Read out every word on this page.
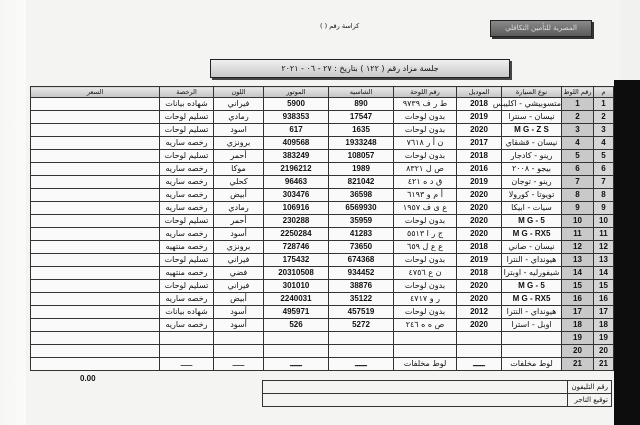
المصرية للتأمين التكافلي
كراسة رقم ( )
جلسة مزاد رقم ( ١٢٢ ) بتاريخ : ٢٧ - ٠٦ - ٢٠٢١
م	رقم اللوط	نوع السيارة	الموديل	رقم اللوحة	الشاسيه	الموتور	اللون	الرخصة	السعر
1	1	متسوبيشي - اكليبس	2018	ط ر ف ٩٧٣٩	890	5900	فيراني	شهاده بيانات	
2	2	نيسان - سنترا	2019	بدون لوحات	17547	938353	رمادي	تسليم لوحات	
3	3	M G - Z S	2020	بدون لوحات	1635	617	اسود	تسليم لوحات	
4	4	نيسان - قشقاي	2017	ن أ ر ٧٦١٨	1933248	409568	برونزي	رخصه ساريه	
5	5	رينو - كادجار	2018	بدون لوحات	108057	383249	أحمر	تسليم لوحات	
6	6	بيجو - ٢٠٠٨	2016	ص ل ٨٣٢١	1989	2196212	موكا	رخصه ساريه	
7	7	رينو - توجان	2019	ق د ه ٤٢١	821042	96463	كحلي	رخصه ساريه	
8	8	تويوتا - كورولا	2020	أ م و ٦١٩٣	36598	303476	أبيض	رخصه ساريه	
9	9	سيات - ابيكا	2020	ع ى ف ١٩٥٧	6569930	106916	رمادي	رخصه ساريه	
10	10	M G - 5	2020	بدون لوحات	35959	230288	أحمر	تسليم لوحات	
11	11	M G - RX5	2020	ج ر ا ٥٥١٣	41283	2250284	أسود	رخصه ساريه	
12	12	نيسان - صاني	2018	ع ع ل ٦٥٩	73650	728746	برونزي	رخصه منتهيه	
13	13	هيونداي - النترا	2019	بدون لوحات	674368	175432	فيراني	تسليم لوحات	
14	14	شيفورليه - اوبترا	2018	ن ع ٤٧٥٦	934452	20310508	فضي	رخصه منتهيه	
15	15	M G - 5	2020	بدون لوحات	38876	301010	فيراني	تسليم لوحات	
16	16	M G - RX5	2020	ر و ٤٧١٧	35122	2240031	أبيض	رخصه ساريه	
17	17	هيونداي - النترا	2012	بدون لوحات	457519	495971	أسود	شهاده بيانات	
18	18	اوبل - استرا	2020	ص ه ه ٢٤٦	5272	526	أسود	رخصه ساريه	
19	19								
20	20								
21	21	لوط مخلفات	ـــــ	لوط مخلفات	ـــــ	ـــــ	ـــــ	ـــــ	
0.00
رقم التليفون	
توقيع التاجر	
